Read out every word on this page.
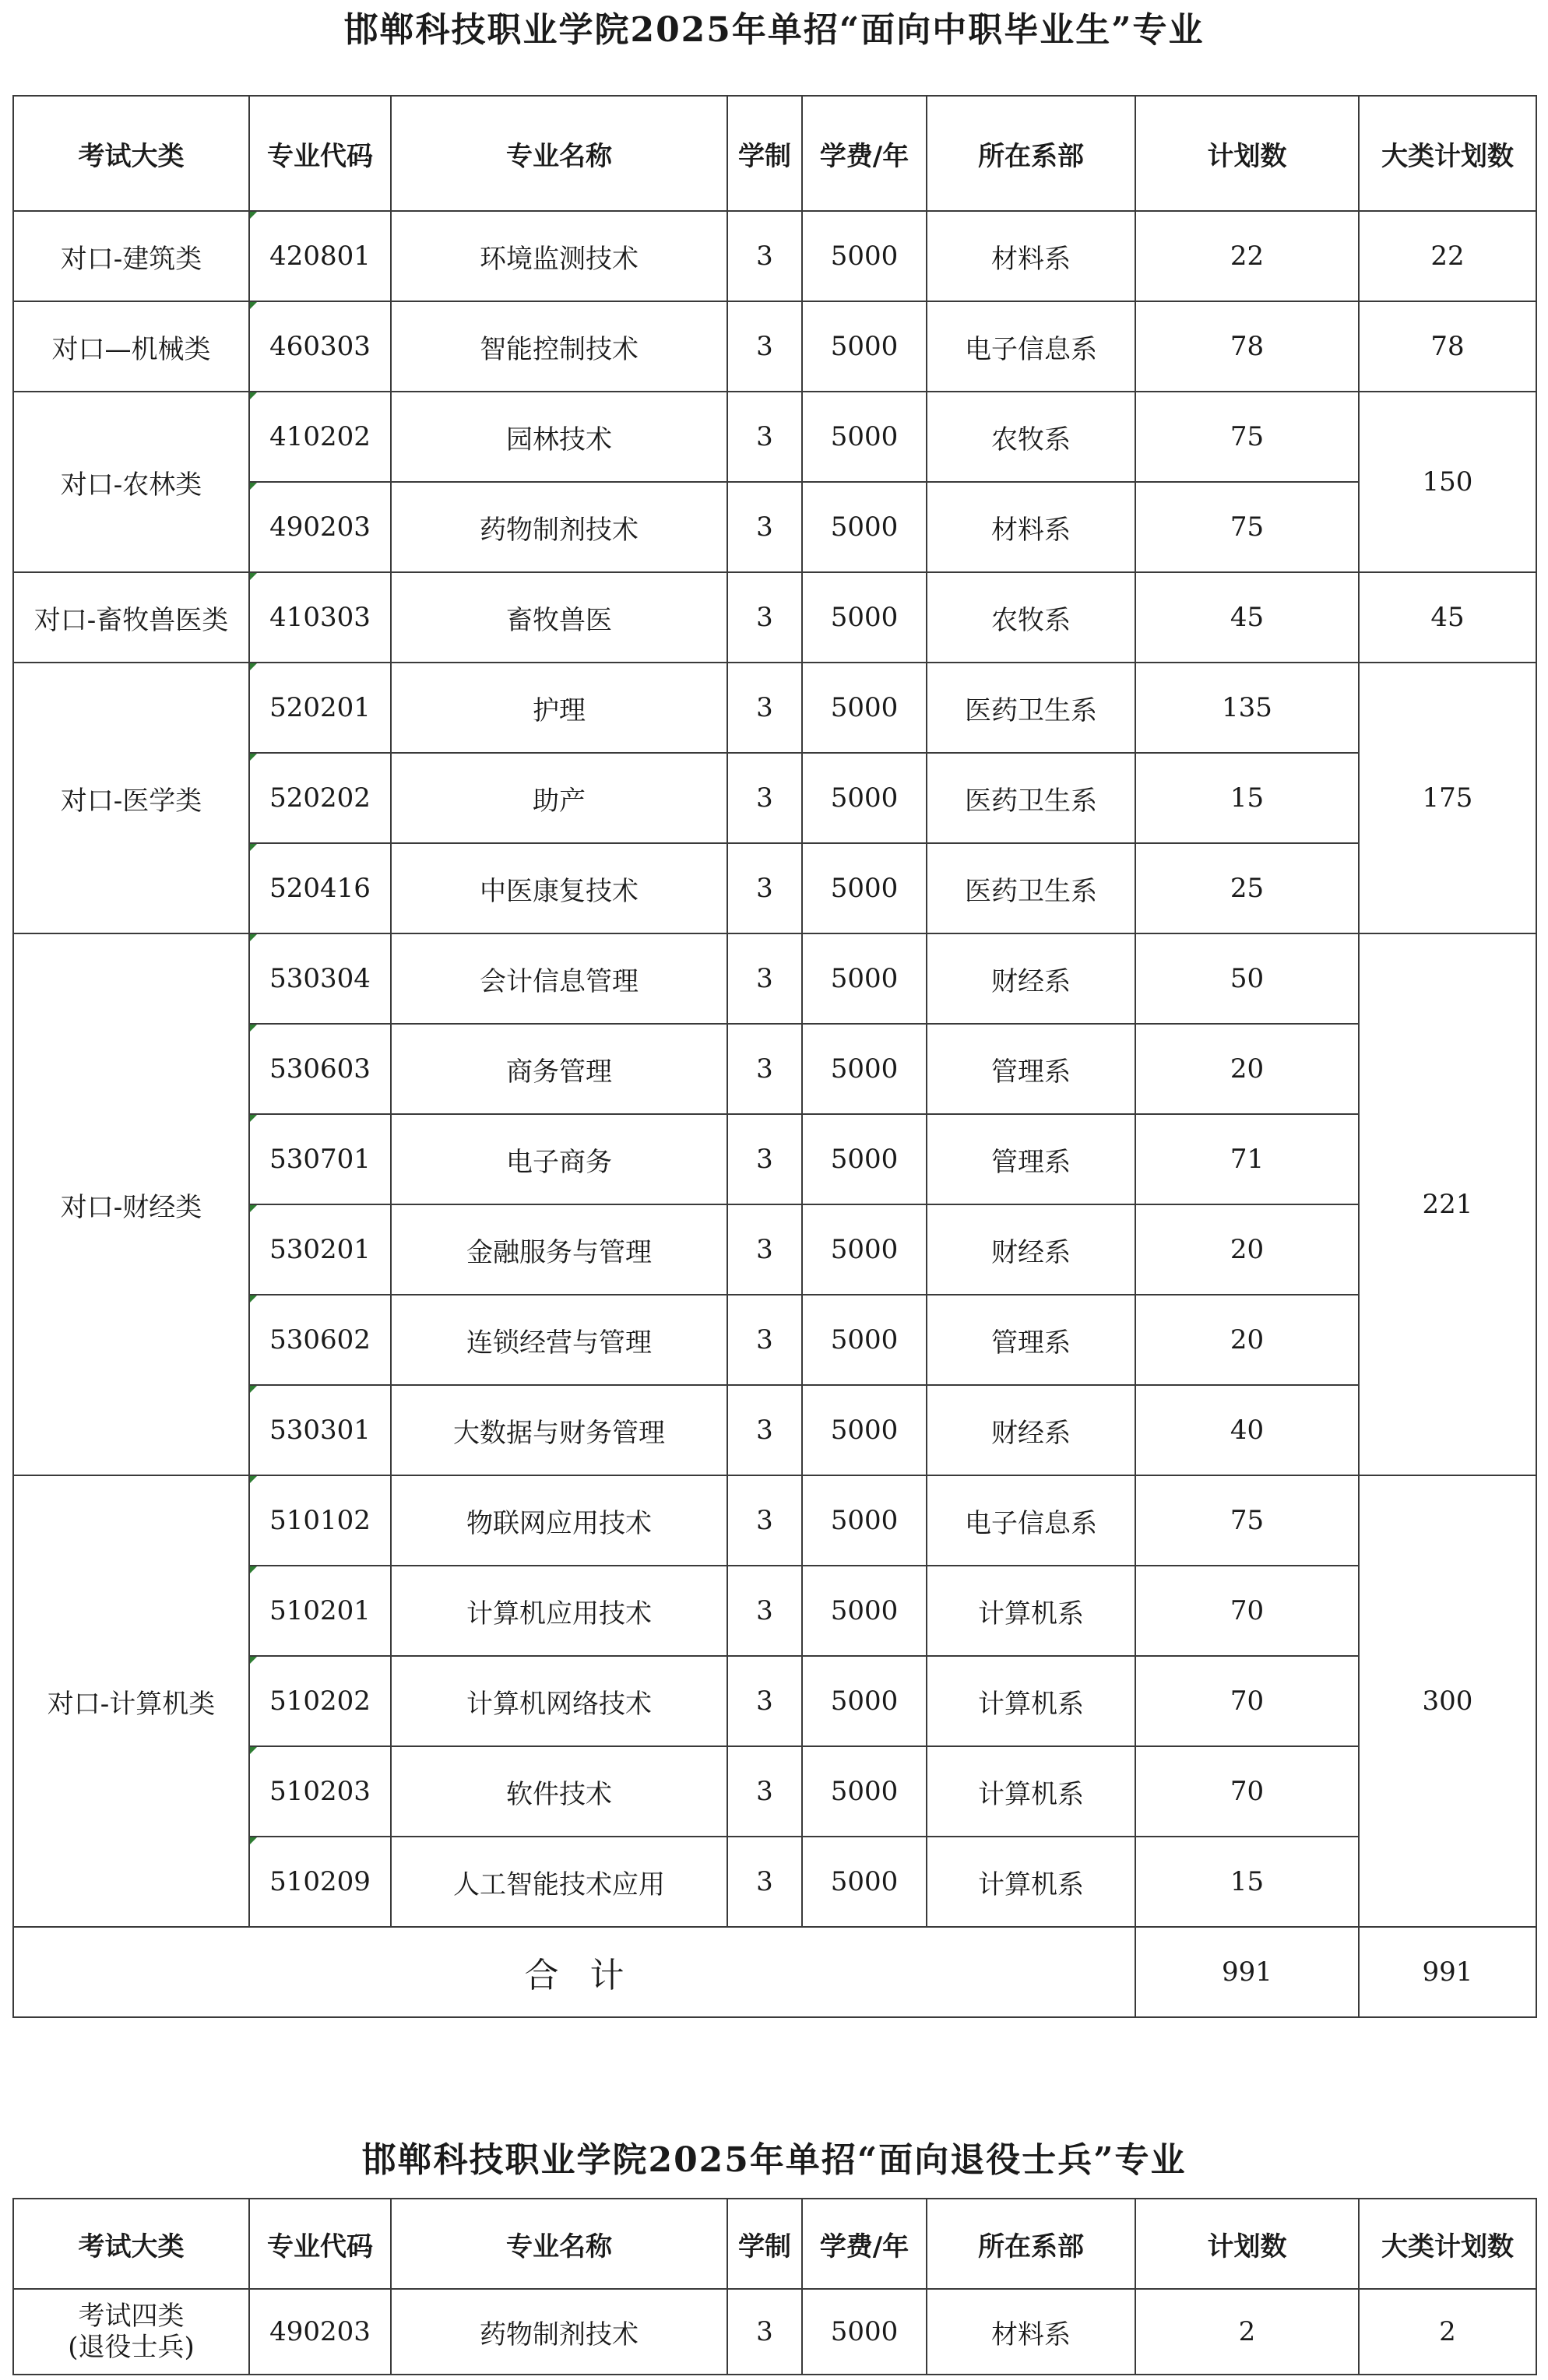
邯郸科技职业学院2025年单招“面向中职毕业生”专业
考试大类	专业代码	专业名称	学制	学费/年	所在系部	计划数	大类计划数
对口-建筑类	420801	环境监测技术	3	5000	材料系	22	22
对口—机械类	460303	智能控制技术	3	5000	电子信息系	78	78
对口-农林类	410202	园林技术	3	5000	农牧系	75	150
	490203	药物制剂技术	3	5000	材料系	75	
对口-畜牧兽医类	410303	畜牧兽医	3	5000	农牧系	45	45
对口-医学类	520201	护理	3	5000	医药卫生系	135	175
	520202	助产	3	5000	医药卫生系	15	
	520416	中医康复技术	3	5000	医药卫生系	25	
对口-财经类	530304	会计信息管理	3	5000	财经系	50	221
	530603	商务管理	3	5000	管理系	20	
	530701	电子商务	3	5000	管理系	71	
	530201	金融服务与管理	3	5000	财经系	20	
	530602	连锁经营与管理	3	5000	管理系	20	
	530301	大数据与财务管理	3	5000	财经系	40	
对口-计算机类	510102	物联网应用技术	3	5000	电子信息系	75	300
	510201	计算机应用技术	3	5000	计算机系	70	
	510202	计算机网络技术	3	5000	计算机系	70	
	510203	软件技术	3	5000	计算机系	70	
	510209	人工智能技术应用	3	5000	计算机系	15	
合计						991	991
邯郸科技职业学院2025年单招“面向退役士兵”专业
考试大类	专业代码	专业名称	学制	学费/年	所在系部	计划数	大类计划数

考试四类
(退役士兵)	490203	药物制剂技术	3	5000	材料系	2	2
